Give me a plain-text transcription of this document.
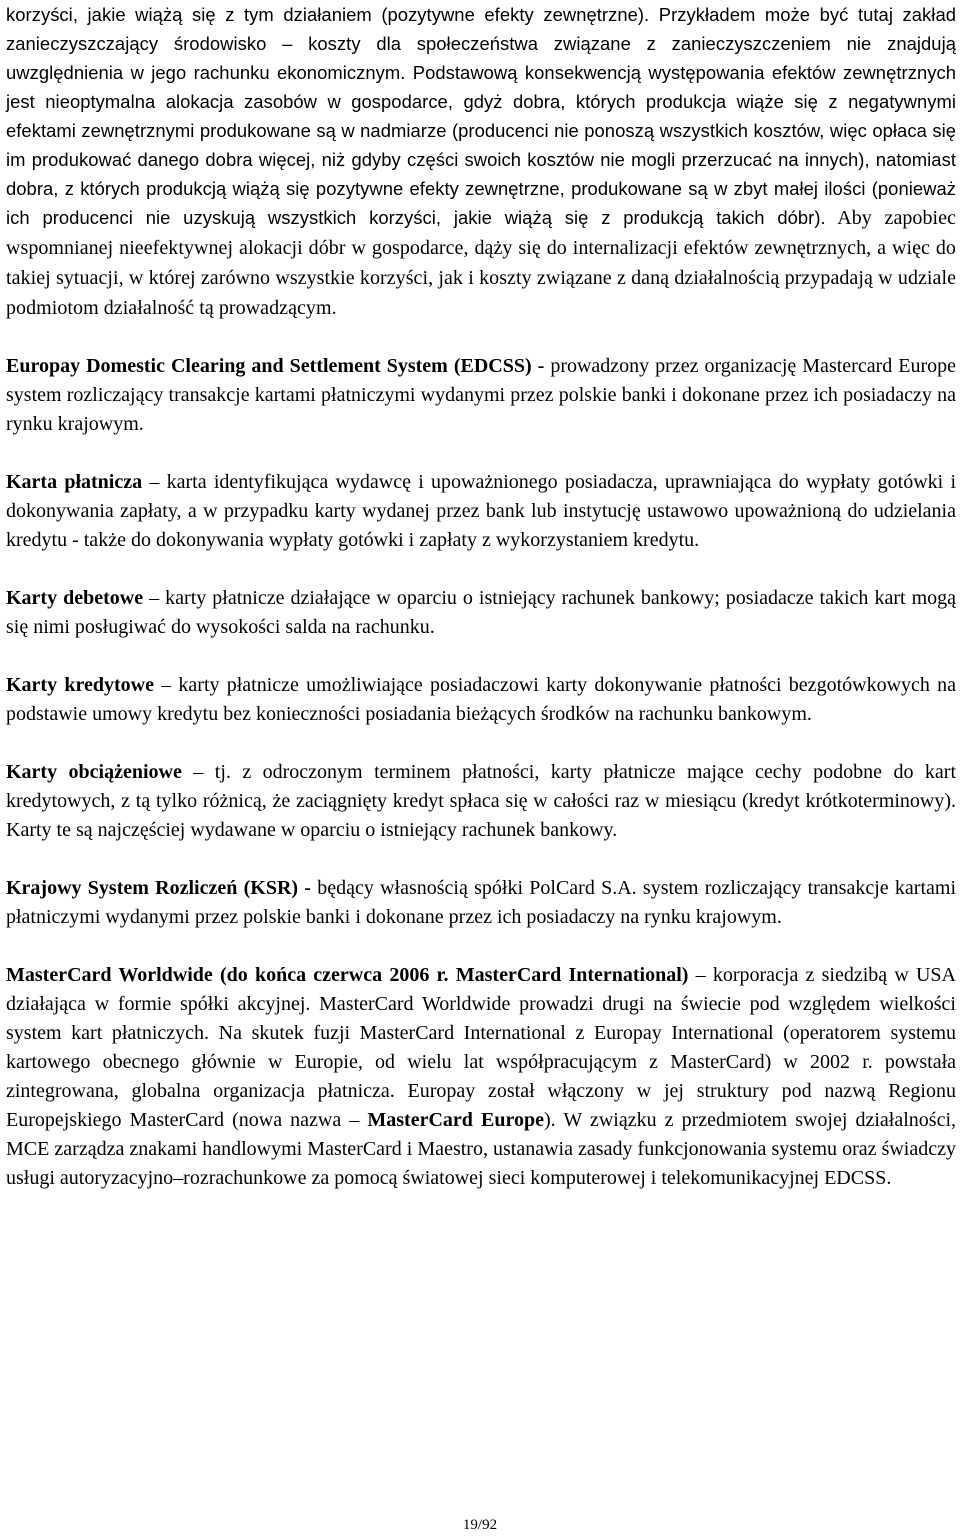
korzyści, jakie wiążą się z tym działaniem (pozytywne efekty zewnętrzne). Przykładem może być tutaj zakład zanieczyszczający środowisko – koszty dla społeczeństwa związane z zanieczyszczeniem nie znajdują uwzględnienia w jego rachunku ekonomicznym. Podstawową konsekwencją występowania efektów zewnętrznych jest nieoptymalna alokacja zasobów w gospodarce, gdyż dobra, których produkcja wiąże się z negatywnymi efektami zewnętrznymi produkowane są w nadmiarze (producenci nie ponoszą wszystkich kosztów, więc opłaca się im produkować danego dobra więcej, niż gdyby części swoich kosztów nie mogli przerzucać na innych), natomiast dobra, z których produkcją wiążą się pozytywne efekty zewnętrzne, produkowane są w zbyt małej ilości (ponieważ ich producenci nie uzyskują wszystkich korzyści, jakie wiążą się z produkcją takich dóbr). Aby zapobiec wspomnianej nieefektywnej alokacji dóbr w gospodarce, dąży się do internalizacji efektów zewnętrznych, a więc do takiej sytuacji, w której zarówno wszystkie korzyści, jak i koszty związane z daną działalnością przypadają w udziale podmiotom działalność tą prowadzącym.

Europay Domestic Clearing and Settlement System (EDCSS) - prowadzony przez organizację Mastercard Europe system rozliczający transakcje kartami płatniczymi wydanymi przez polskie banki i dokonane przez ich posiadaczy na rynku krajowym.

Karta płatnicza – karta identyfikująca wydawcę i upoważnionego posiadacza, uprawniająca do wypłaty gotówki i dokonywania zapłaty, a w przypadku karty wydanej przez bank lub instytucję ustawowo upoważnioną do udzielania kredytu - także do dokonywania wypłaty gotówki i zapłaty z wykorzystaniem kredytu.

Karty debetowe – karty płatnicze działające w oparciu o istniejący rachunek bankowy; posiadacze takich kart mogą się nimi posługiwać do wysokości salda na rachunku.

Karty kredytowe – karty płatnicze umożliwiające posiadaczowi karty dokonywanie płatności bezgotówkowych na podstawie umowy kredytu bez konieczności posiadania bieżących środków na rachunku bankowym.

Karty obciążeniowe – tj. z odroczonym terminem płatności, karty płatnicze mające cechy podobne do kart kredytowych, z tą tylko różnicą, że zaciągnięty kredyt spłaca się w całości raz w miesiącu (kredyt krótkoterminowy). Karty te są najczęściej wydawane w oparciu o istniejący rachunek bankowy.

Krajowy System Rozliczeń (KSR) - będący własnością spółki PolCard S.A. system rozliczający transakcje kartami płatniczymi wydanymi przez polskie banki i dokonane przez ich posiadaczy na rynku krajowym.

MasterCard Worldwide (do końca czerwca 2006 r. MasterCard International) – korporacja z siedzibą w USA działająca w formie spółki akcyjnej. MasterCard Worldwide prowadzi drugi na świecie pod względem wielkości system kart płatniczych. Na skutek fuzji MasterCard International z Europay International (operatorem systemu kartowego obecnego głównie w Europie, od wielu lat współpracującym z MasterCard) w 2002 r. powstała zintegrowana, globalna organizacja płatnicza. Europay został włączony w jej struktury pod nazwą Regionu Europejskiego MasterCard (nowa nazwa – MasterCard Europe). W związku z przedmiotem swojej działalności, MCE zarządza znakami handlowymi MasterCard i Maestro, ustanawia zasady funkcjonowania systemu oraz świadczy usługi autoryzacyjno–rozrachunkowe za pomocą światowej sieci komputerowej i telekomunikacyjnej EDCSS.

19/92
